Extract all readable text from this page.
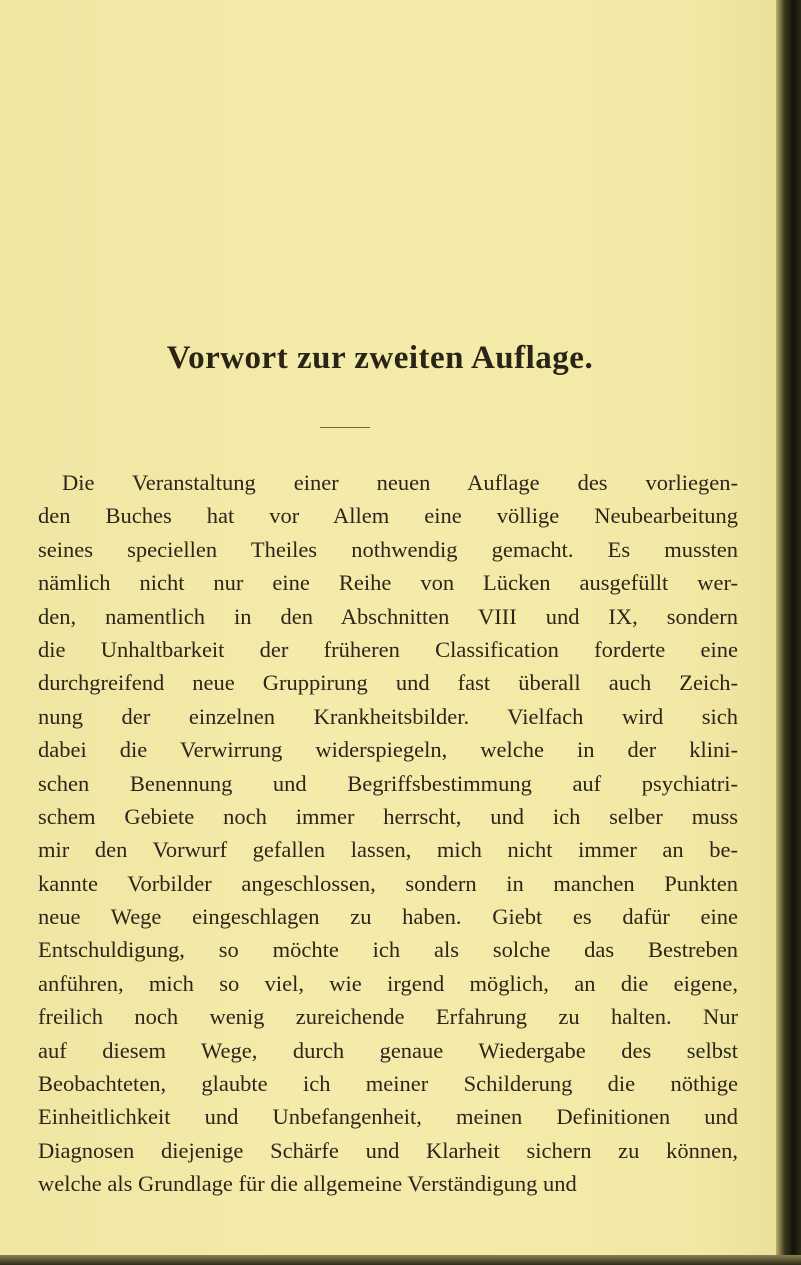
Vorwort zur zweiten Auflage.
Die Veranstaltung einer neuen Auflage des vorliegen-
den Buches hat vor Allem eine völlige Neubearbeitung
seines speciellen Theiles nothwendig gemacht. Es mussten
nämlich nicht nur eine Reihe von Lücken ausgefüllt wer-
den, namentlich in den Abschnitten VIII und IX, sondern
die Unhaltbarkeit der früheren Classification forderte eine
durchgreifend neue Gruppirung und fast überall auch Zeich-
nung der einzelnen Krankheitsbilder. Vielfach wird sich
dabei die Verwirrung widerspiegeln, welche in der klini-
schen Benennung und Begriffsbestimmung auf psychiatri-
schem Gebiete noch immer herrscht, und ich selber muss
mir den Vorwurf gefallen lassen, mich nicht immer an be-
kannte Vorbilder angeschlossen, sondern in manchen Punkten
neue Wege eingeschlagen zu haben. Giebt es dafür eine
Entschuldigung, so möchte ich als solche das Bestreben
anführen, mich so viel, wie irgend möglich, an die eigene,
freilich noch wenig zureichende Erfahrung zu halten. Nur
auf diesem Wege, durch genaue Wiedergabe des selbst
Beobachteten, glaubte ich meiner Schilderung die nöthige
Einheitlichkeit und Unbefangenheit, meinen Definitionen und
Diagnosen diejenige Schärfe und Klarheit sichern zu können,
welche als Grundlage für die allgemeine Verständigung und
